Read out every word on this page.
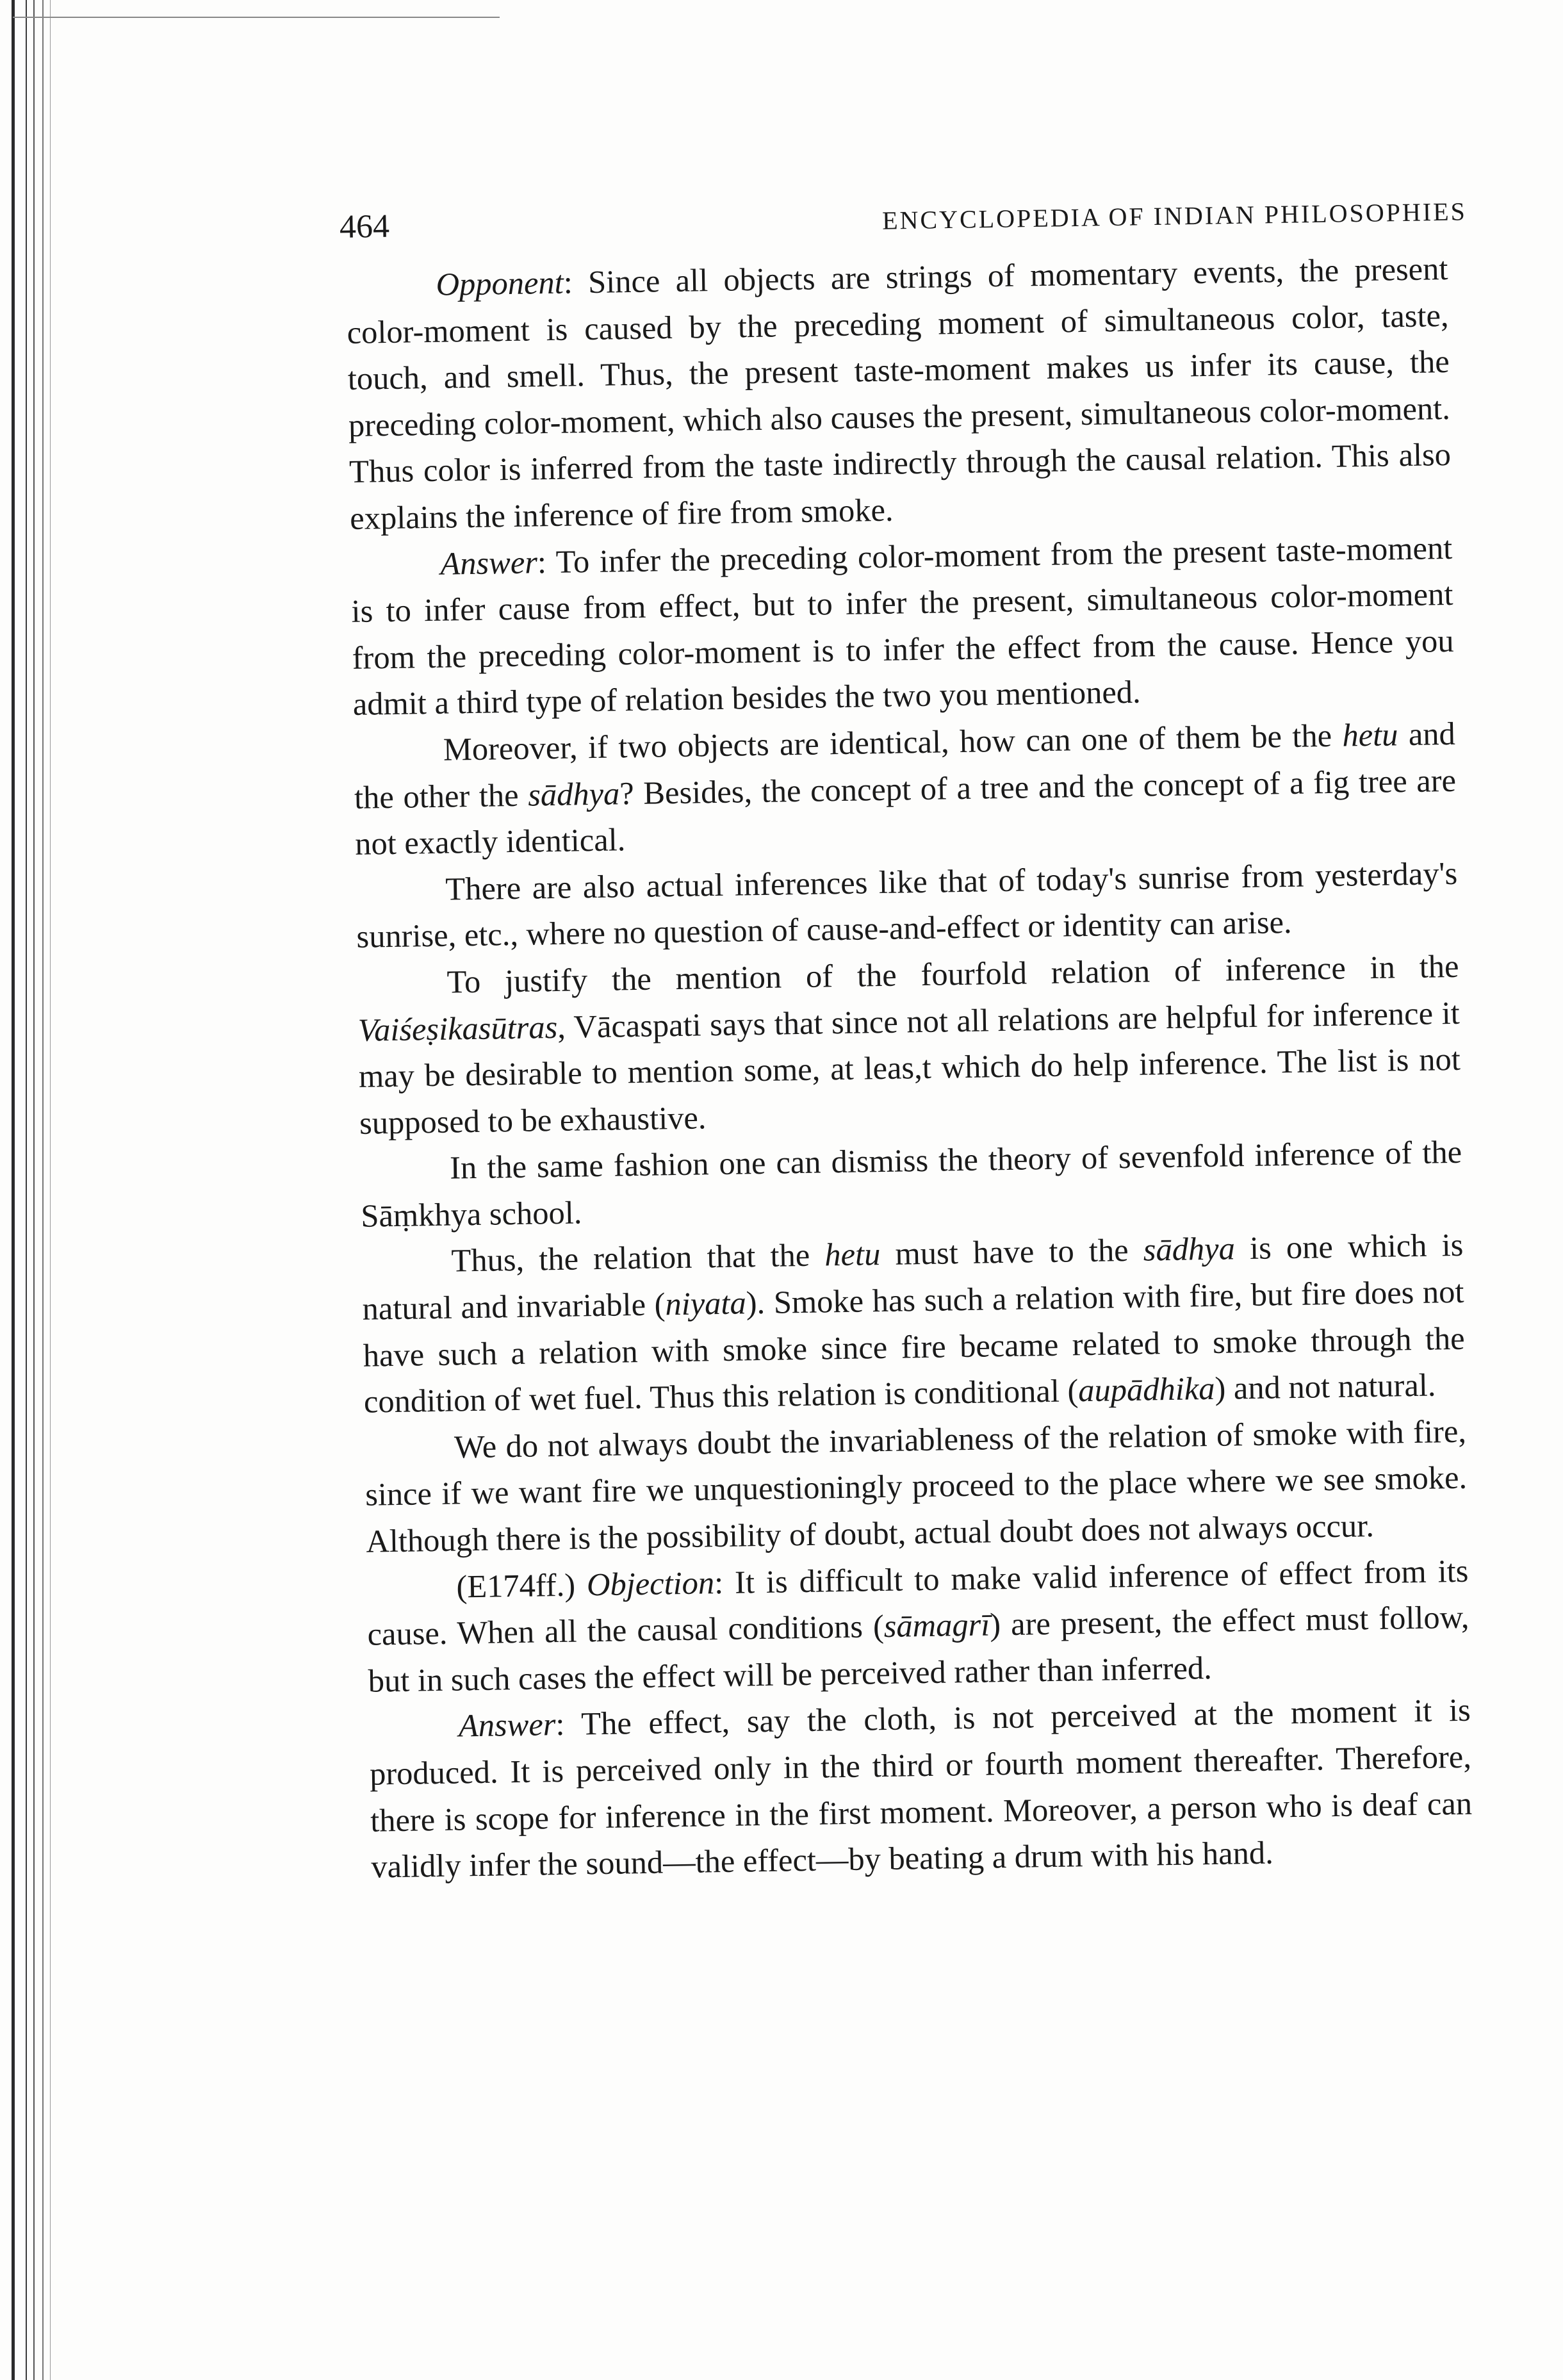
464	ENCYCLOPEDIA OF INDIAN PHILOSOPHIES

Opponent: Since all objects are strings of momentary events, the present color-moment is caused by the preceding moment of simultaneous color, taste, touch, and smell. Thus, the present taste-moment makes us infer its cause, the preceding color-moment, which also causes the present, simultaneous color-moment. Thus color is inferred from the taste indirectly through the causal relation. This also explains the inference of fire from smoke.

Answer: To infer the preceding color-moment from the present taste-moment is to infer cause from effect, but to infer the present, simultaneous color-moment from the preceding color-moment is to infer the effect from the cause. Hence you admit a third type of relation besides the two you mentioned.

Moreover, if two objects are identical, how can one of them be the hetu and the other the sādhya? Besides, the concept of a tree and the concept of a fig tree are not exactly identical.

There are also actual inferences like that of today's sunrise from yesterday's sunrise, etc., where no question of cause-and-effect or identity can arise.

To justify the mention of the fourfold relation of inference in the Vaiśeṣikasūtras, Vācaspati says that since not all relations are helpful for inference it may be desirable to mention some, at leas,t which do help inference. The list is not supposed to be exhaustive.

In the same fashion one can dismiss the theory of sevenfold inference of the Sāṃkhya school.

Thus, the relation that the hetu must have to the sādhya is one which is natural and invariable (niyata). Smoke has such a relation with fire, but fire does not have such a relation with smoke since fire became related to smoke through the condition of wet fuel. Thus this relation is conditional (aupādhika) and not natural.

We do not always doubt the invariableness of the relation of smoke with fire, since if we want fire we unquestioningly proceed to the place where we see smoke. Although there is the possibility of doubt, actual doubt does not always occur.

(E174ff.) Objection: It is difficult to make valid inference of effect from its cause. When all the causal conditions (sāmagrī) are present, the effect must follow, but in such cases the effect will be perceived rather than inferred.

Answer: The effect, say the cloth, is not perceived at the moment it is produced. It is perceived only in the third or fourth moment thereafter. Therefore, there is scope for inference in the first moment. Moreover, a person who is deaf can validly infer the sound—the effect—by beating a drum with his hand.
